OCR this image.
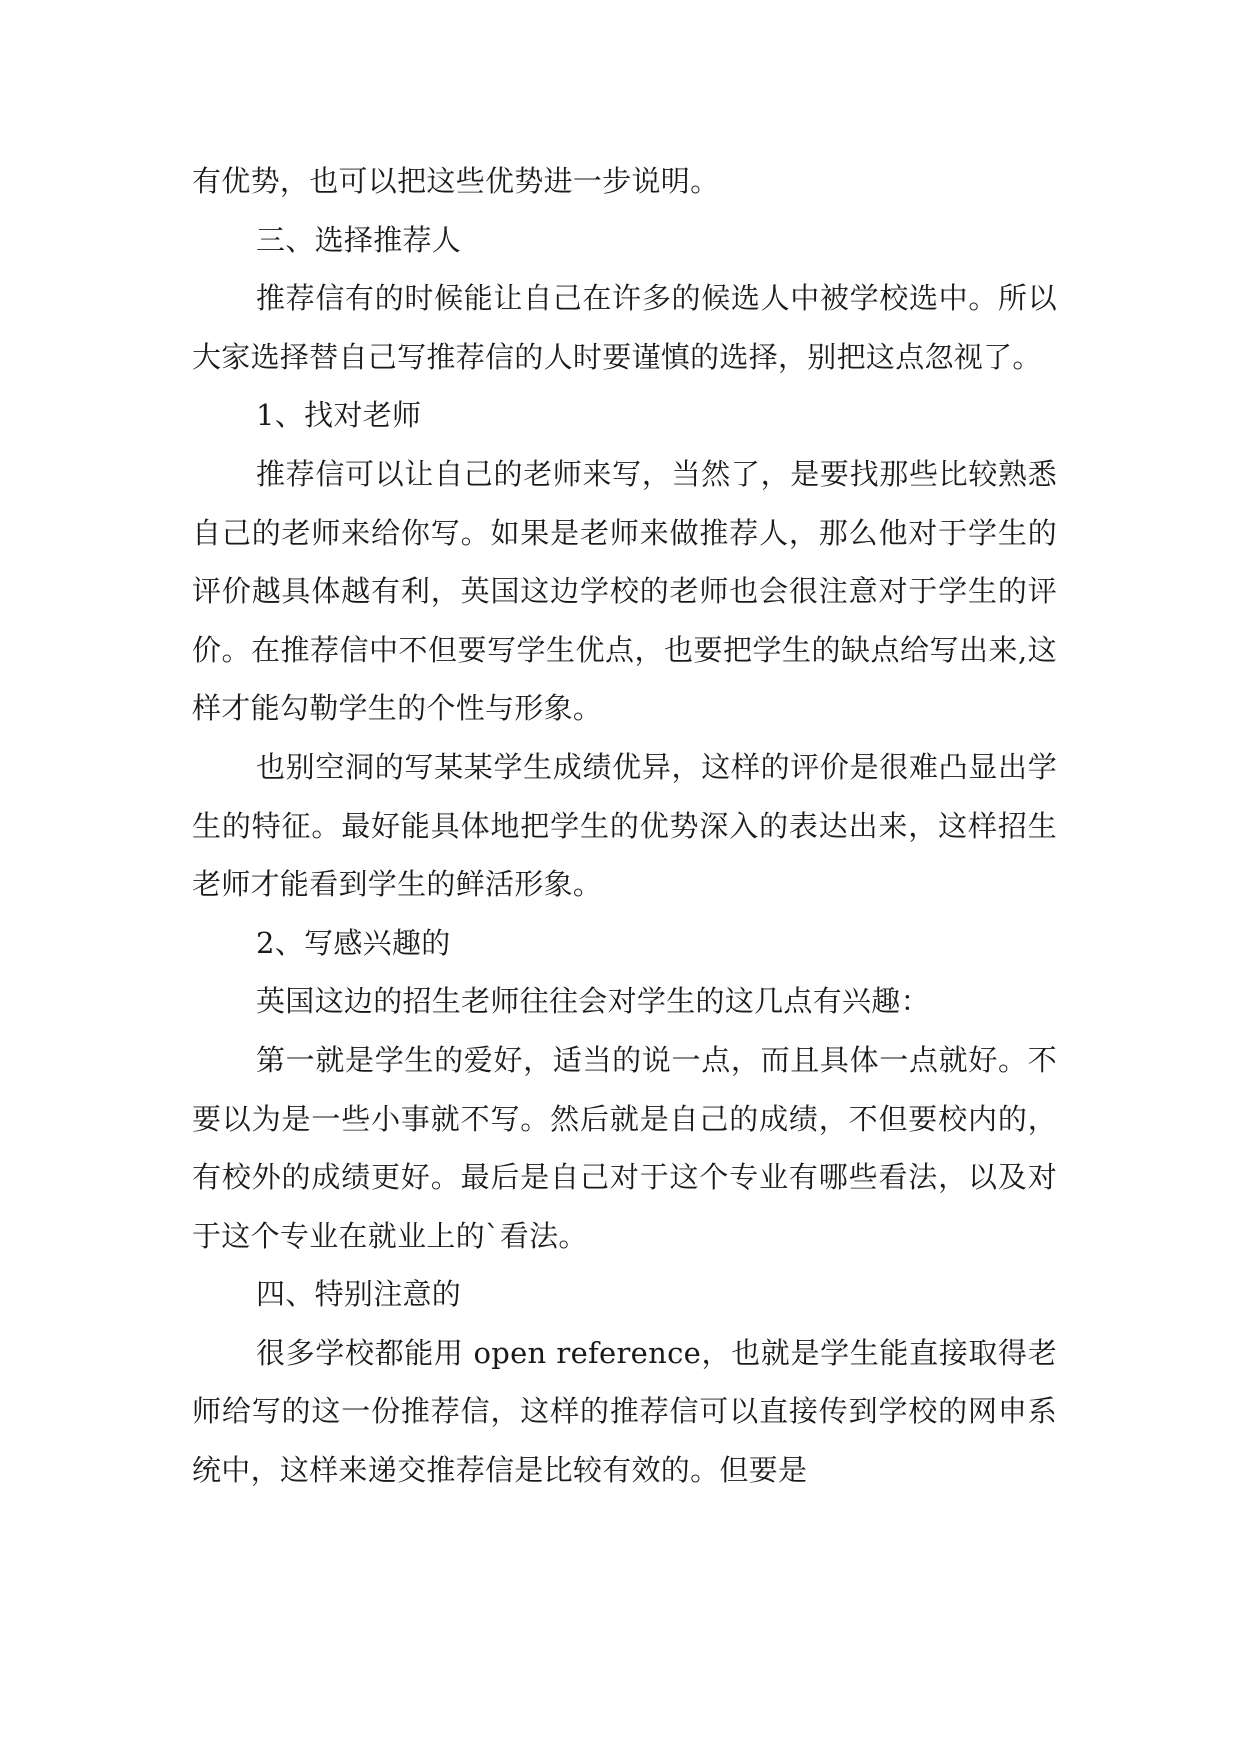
有优势，也可以把这些优势进一步说明。

三、选择推荐人

推荐信有的时候能让自己在许多的候选人中被学校选中。所以大家选择替自己写推荐信的人时要谨慎的选择，别把这点忽视了。

1、找对老师

推荐信可以让自己的老师来写，当然了，是要找那些比较熟悉自己的老师来给你写。如果是老师来做推荐人，那么他对于学生的评价越具体越有利，英国这边学校的老师也会很注意对于学生的评价。在推荐信中不但要写学生优点，也要把学生的缺点给写出来,这样才能勾勒学生的个性与形象。

也别空洞的写某某学生成绩优异，这样的评价是很难凸显出学生的特征。最好能具体地把学生的优势深入的表达出来，这样招生老师才能看到学生的鲜活形象。

2、写感兴趣的

英国这边的招生老师往往会对学生的这几点有兴趣：

第一就是学生的爱好，适当的说一点，而且具体一点就好。不要以为是一些小事就不写。然后就是自己的成绩，不但要校内的，有校外的成绩更好。最后是自己对于这个专业有哪些看法，以及对于这个专业在就业上的`看法。

四、特别注意的

很多学校都能用 open reference，也就是学生能直接取得老师给写的这一份推荐信，这样的推荐信可以直接传到学校的网申系统中，这样来递交推荐信是比较有效的。但要是
